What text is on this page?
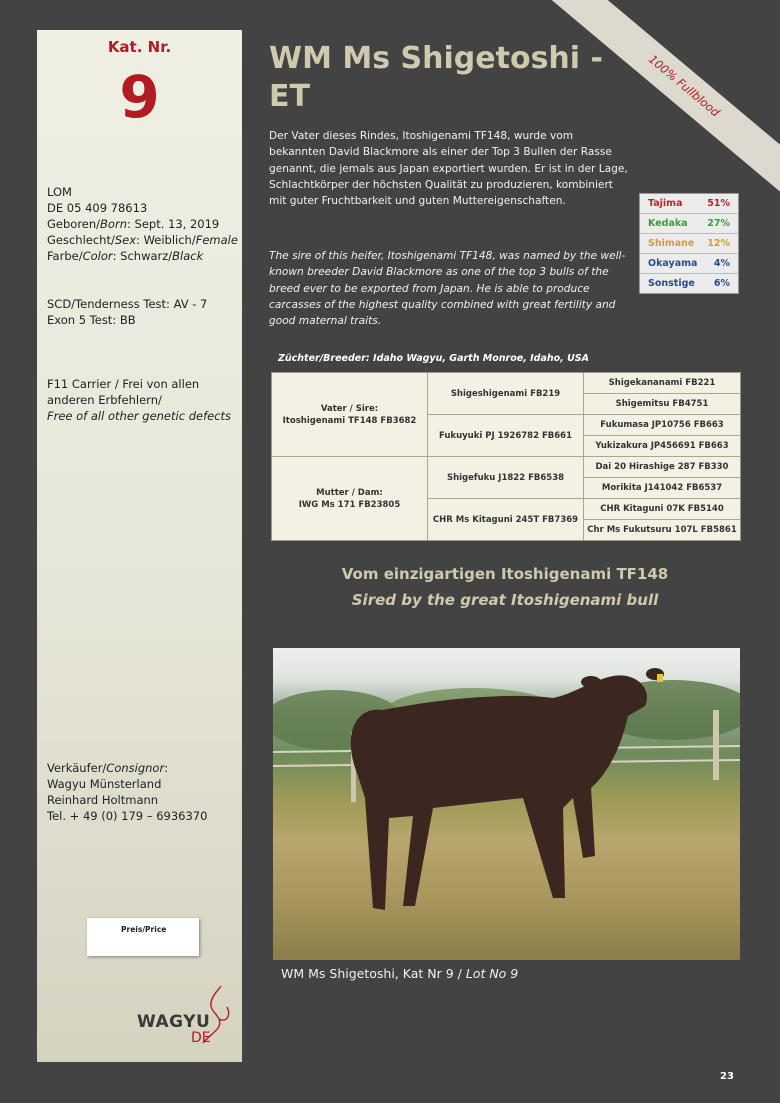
Kat. Nr.
9
LOM
DE 05 409 78613
Geboren/Born: Sept. 13, 2019
Geschlecht/Sex: Weiblich/Female
Farbe/Color: Schwarz/Black
SCD/Tenderness Test: AV - 7
Exon 5 Test: BB
F11 Carrier / Frei von allen
anderen Erbfehlern/
Free of all other genetic defects
Verkäufer/Consignor:
Wagyu Münsterland
Reinhard Holtmann
Tel. + 49 (0) 179 – 6936370
Preis/Price
WAGYU
DE
100% Fullblood
WM Ms Shigetoshi - ET
Der Vater dieses Rindes, Itoshigenami TF148, wurde vom bekannten David Blackmore als einer der Top 3 Bullen der Rasse genannt, die jemals aus Japan exportiert wurden. Er ist in der Lage, Schlachtkörper der höchsten Qualität zu produzieren, kombiniert mit guter Fruchtbarkeit und guten Muttereigenschaften.
The sire of this heifer, Itoshigenami TF148, was named by the well-known breeder David Blackmore as one of the top 3 bulls of the breed ever to be exported from Japan. He is able to produce carcasses of the highest quality combined with great fertility and good maternal traits.
Tajima	51%
Kedaka 27%
Shimane 12%
Okayama 4%
Sonstige 6%
Züchter/Breeder: Idaho Wagyu, Garth Monroe, Idaho, USA
Vater / Sire:
Itoshigenami TF148 FB3682
Mutter / Dam:
IWG Ms 171 FB23805
Shigeshigenami FB219
Fukuyuki PJ 1926782 FB661
Shigefuku J1822 FB6538
CHR Ms Kitaguni 245T FB7369
Shigekananami FB221
Shigemitsu FB4751
Fukumasa JP10756 FB663
Yukizakura JP456691 FB663
Dai 20 Hirashige 287 FB330
Morikita J141042 FB6537
CHR Kitaguni 07K FB5140
Chr Ms Fukutsuru 107L FB5861
Vom einzigartigen Itoshigenami TF148
Sired by the great Itoshigenami bull
WM Ms Shigetoshi, Kat Nr 9 / Lot No 9
23
